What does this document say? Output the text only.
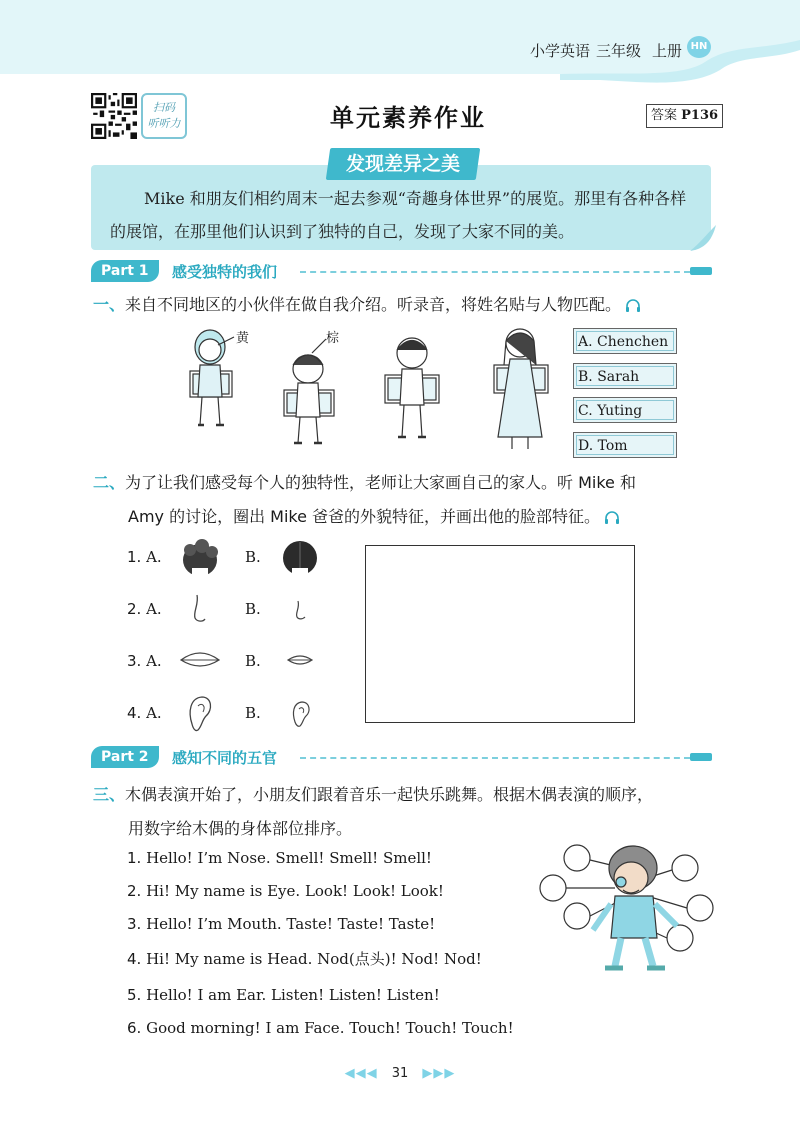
小学英语 三年级 上册 HN
扫码
听听力	单元素养作业	答案 P136
发现差异之美
Mike 和朋友们相约周末一起去参观“奇趣身体世界”的展览。那里有各种各样的展馆，在那里他们认识到了独特的自己，发现了大家不同的美。
Part 1	感受独特的我们
一、来自不同地区的小伙伴在做自我介绍。听录音，将姓名贴与人物匹配。
黄	棕	A. Chenchen
B. Sarah
C. Yuting
D. Tom
二、为了让我们感受每个人的独特性，老师让大家画自己的家人。听 Mike 和
Amy 的讨论，圈出 Mike 爸爸的外貌特征，并画出他的脸部特征。
1. A.	B.
2. A.	B.
3. A.	B.
4. A.	B.
Part 2	感知不同的五官
三、木偶表演开始了，小朋友们跟着音乐一起快乐跳舞。根据木偶表演的顺序，
用数字给木偶的身体部位排序。
1. Hello! I’m Nose. Smell! Smell! Smell!
2. Hi! My name is Eye. Look! Look! Look!
3. Hello! I’m Mouth. Taste! Taste! Taste!
4. Hi! My name is Head. Nod(点头)! Nod! Nod!
5. Hello! I am Ear. Listen! Listen! Listen!
6. Good morning! I am Face. Touch! Touch! Touch!
◀◀◀ 31 ▶▶▶
